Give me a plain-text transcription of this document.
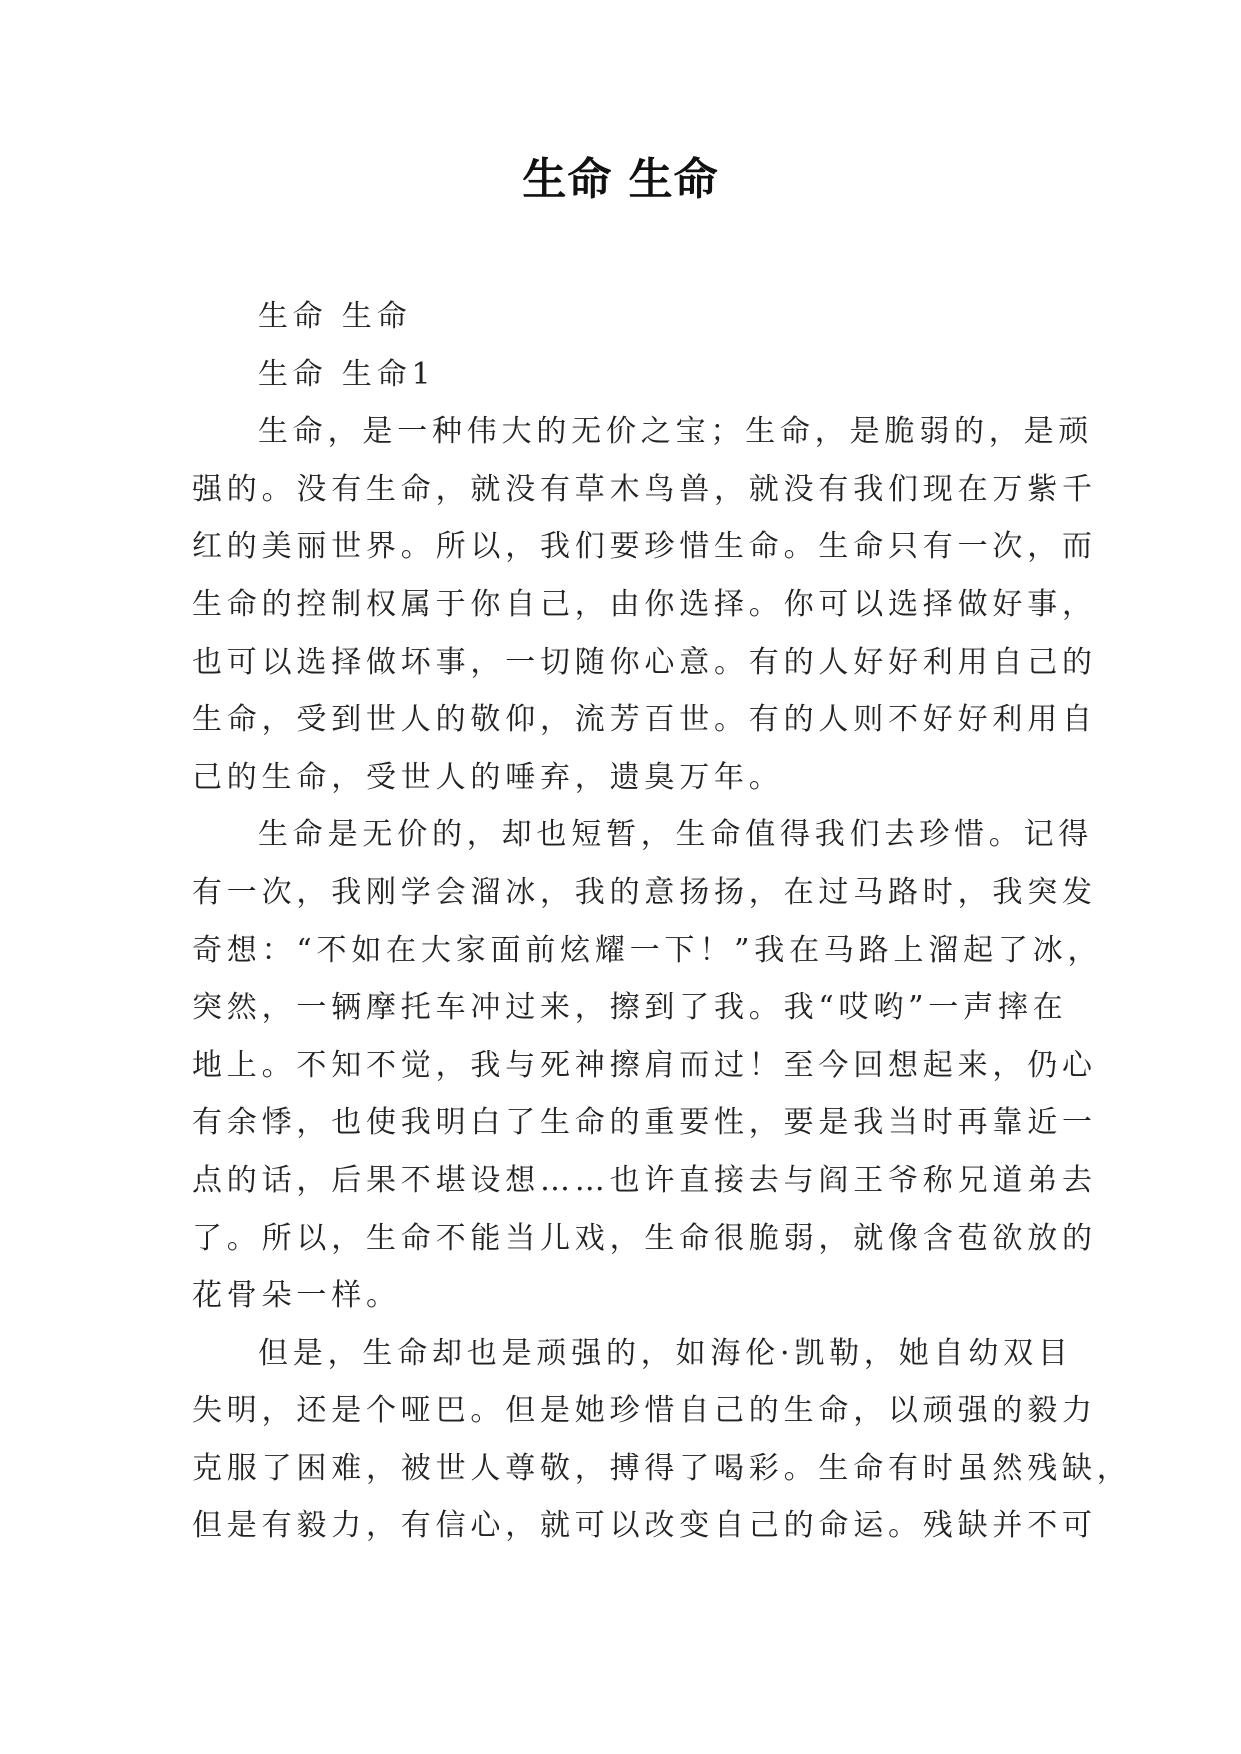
生命 生命
生命 生命
生命 生命1
生命，是一种伟大的无价之宝；生命，是脆弱的，是顽
强的。没有生命，就没有草木鸟兽，就没有我们现在万紫千
红的美丽世界。所以，我们要珍惜生命。生命只有一次，而
生命的控制权属于你自己，由你选择。你可以选择做好事，
也可以选择做坏事，一切随你心意。有的人好好利用自己的
生命，受到世人的敬仰，流芳百世。有的人则不好好利用自
己的生命，受世人的唾弃，遗臭万年。
生命是无价的，却也短暂，生命值得我们去珍惜。记得
有一次，我刚学会溜冰，我的意扬扬，在过马路时，我突发
奇想：“不如在大家面前炫耀一下！”我在马路上溜起了冰，
突然，一辆摩托车冲过来，擦到了我。我“哎哟”一声摔在
地上。不知不觉，我与死神擦肩而过！至今回想起来，仍心
有余悸，也使我明白了生命的重要性，要是我当时再靠近一
点的话，后果不堪设想……也许直接去与阎王爷称兄道弟去
了。所以，生命不能当儿戏，生命很脆弱，就像含苞欲放的
花骨朵一样。
但是，生命却也是顽强的，如海伦·凯勒，她自幼双目
失明，还是个哑巴。但是她珍惜自己的生命，以顽强的毅力
克服了困难，被世人尊敬，搏得了喝彩。生命有时虽然残缺，
但是有毅力，有信心，就可以改变自己的命运。残缺并不可
